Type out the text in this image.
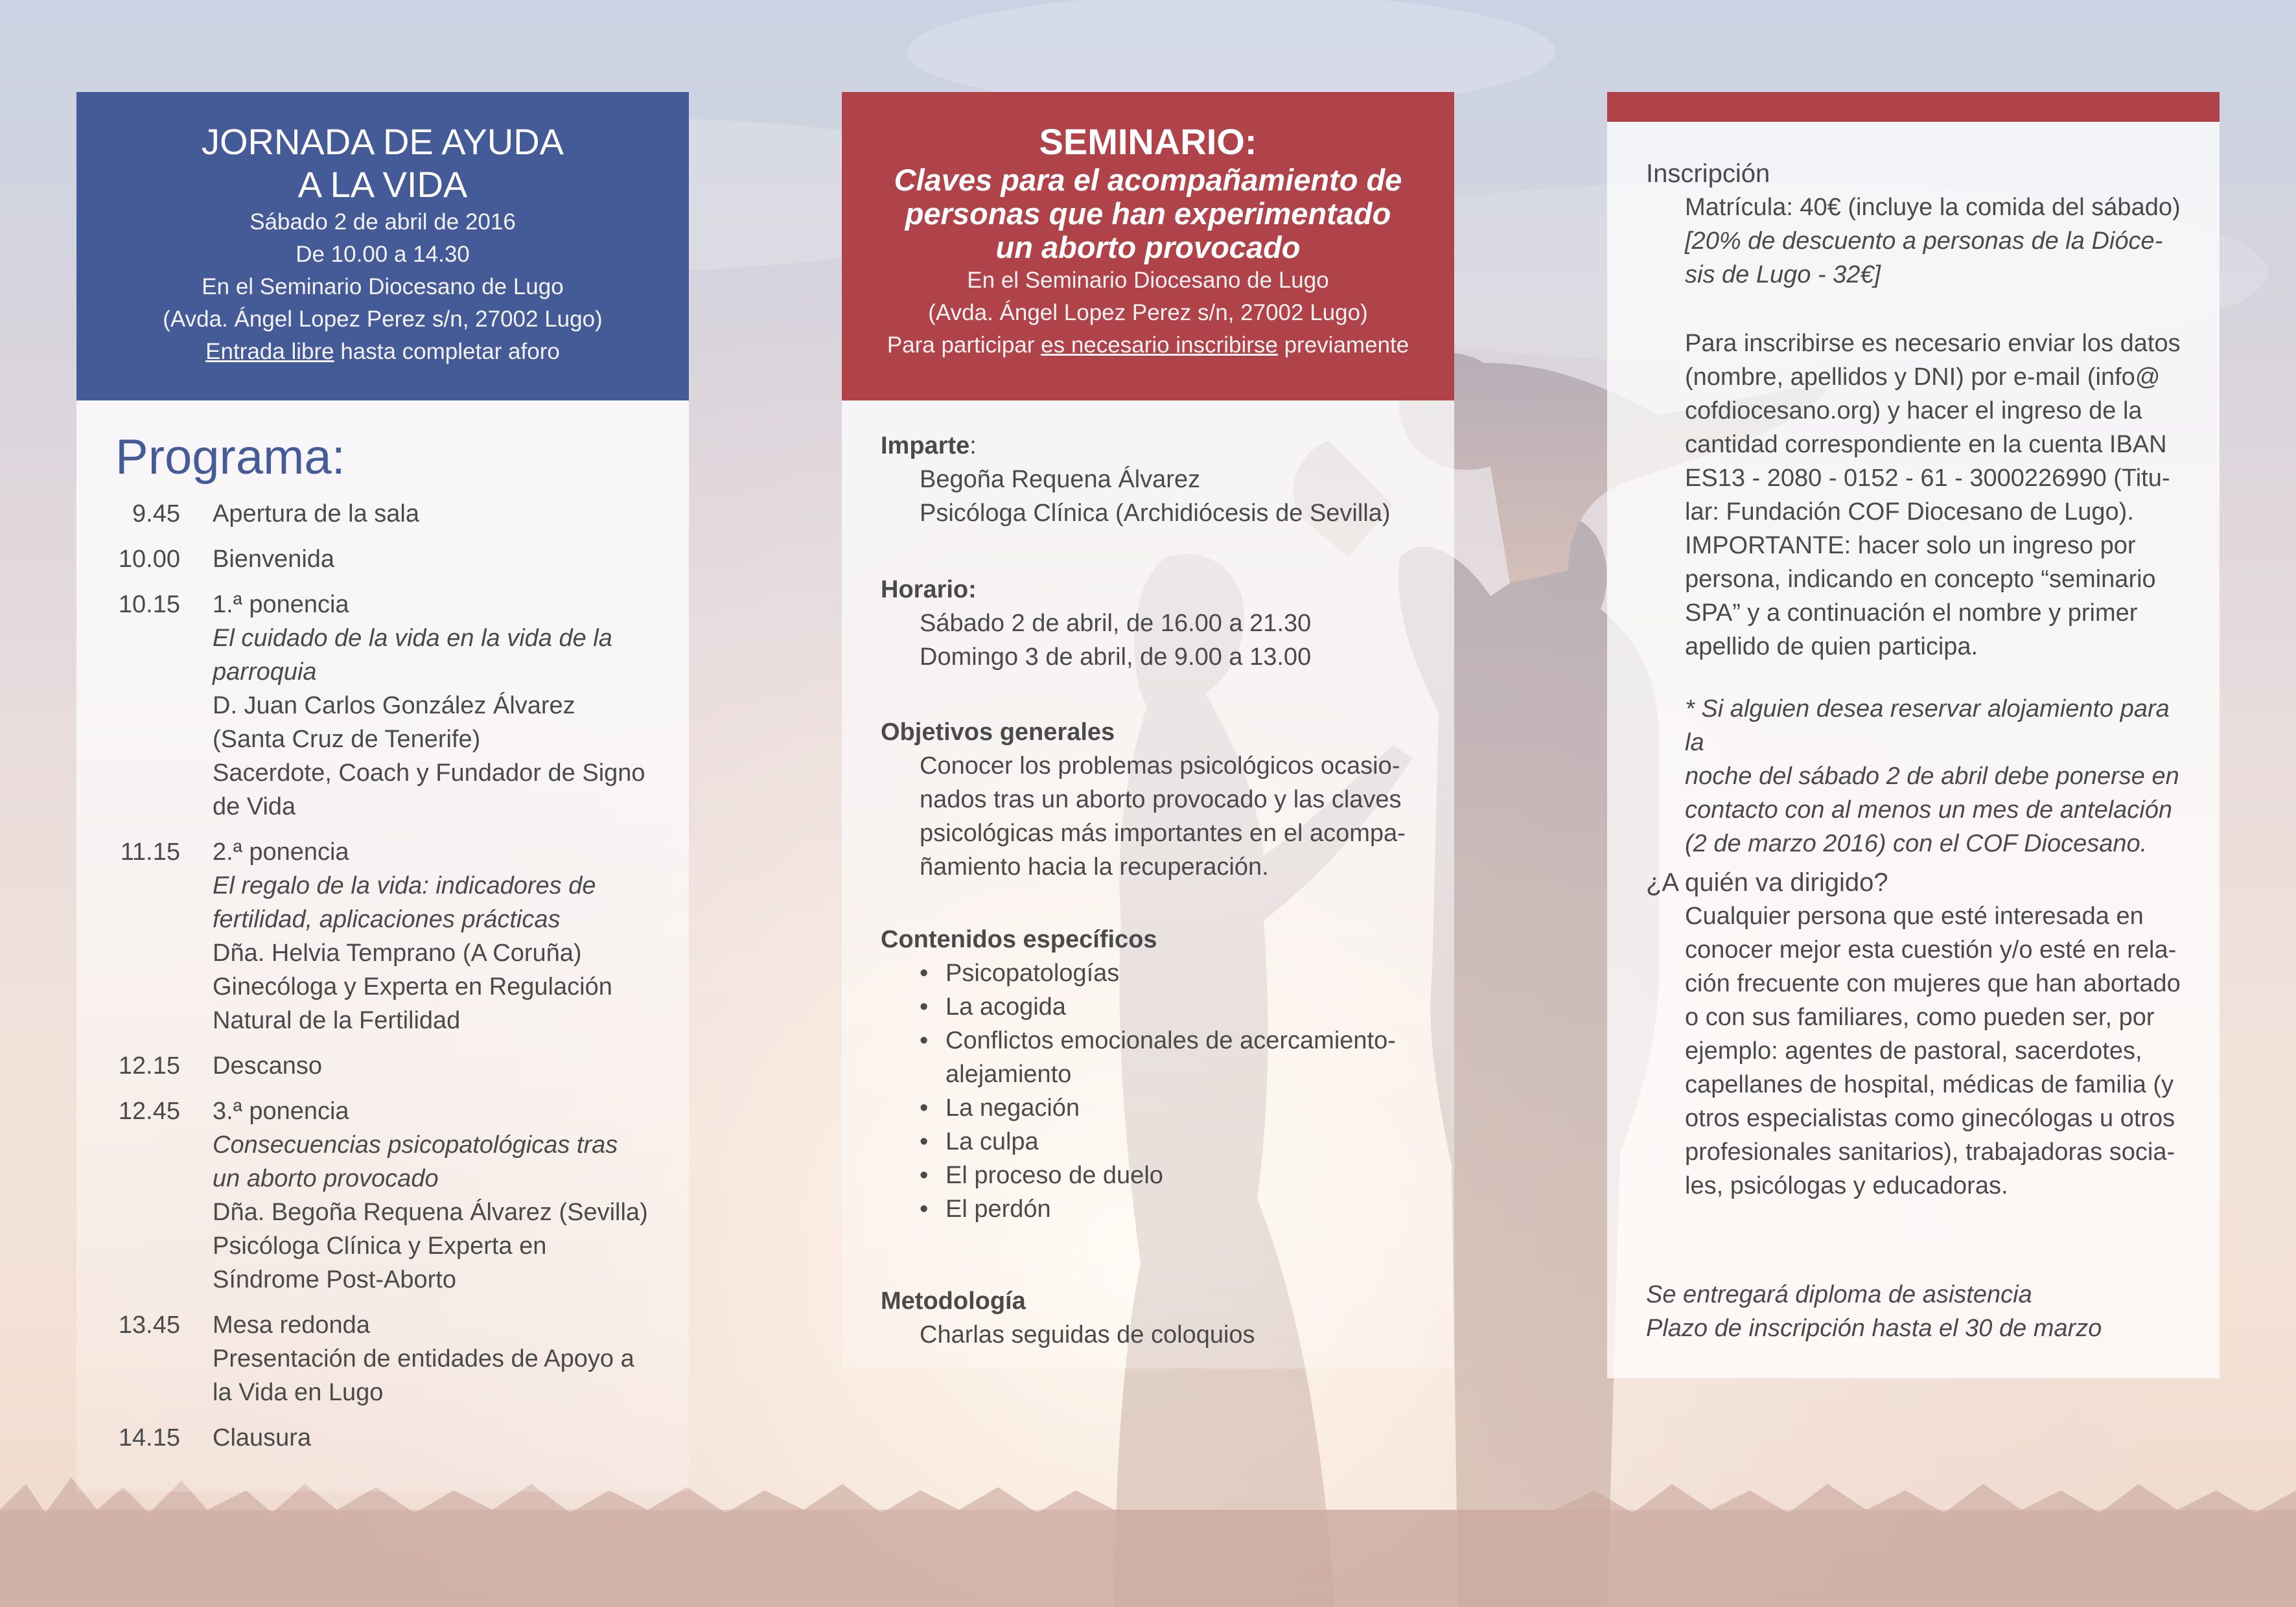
JORNADA DE AYUDA
A LA VIDA
Sábado 2 de abril de 2016
De 10.00 a 14.30
En el Seminario Diocesano de Lugo
(Avda. Ángel Lopez Perez s/n, 27002 Lugo)
Entrada libre hasta completar aforo
Programa:
9.45 Apertura de la sala
10.00 Bienvenida
10.15 1.ª ponencia
El cuidado de la vida en la vida de la
parroquia
D. Juan Carlos González Álvarez
(Santa Cruz de Tenerife)
Sacerdote, Coach y Fundador de Signo
de Vida
11.15 2.ª ponencia
El regalo de la vida: indicadores de
fertilidad, aplicaciones prácticas
Dña. Helvia Temprano (A Coruña)
Ginecóloga y Experta en Regulación
Natural de la Fertilidad
12.15 Descanso
12.45 3.ª ponencia
Consecuencias psicopatológicas tras
un aborto provocado
Dña. Begoña Requena Álvarez (Sevilla)
Psicóloga Clínica y Experta en
Síndrome Post-Aborto
13.45 Mesa redonda
Presentación de entidades de Apoyo a
la Vida en Lugo
14.15 Clausura
SEMINARIO:
Claves para el acompañamiento de
personas que han experimentado
un aborto provocado
En el Seminario Diocesano de Lugo
(Avda. Ángel Lopez Perez s/n, 27002 Lugo)
Para participar es necesario inscribirse previamente
Imparte:
Begoña Requena Álvarez
Psicóloga Clínica (Archidiócesis de Sevilla)
Horario:
Sábado 2 de abril, de 16.00 a 21.30
Domingo 3 de abril, de 9.00 a 13.00
Objetivos generales
Conocer los problemas psicológicos ocasio-
nados tras un aborto provocado y las claves
psicológicas más importantes en el acompa-
ñamiento hacia la recuperación.
Contenidos específicos
• Psicopatologías
• La acogida
• Conflictos emocionales de acercamiento-
alejamiento
• La negación
• La culpa
• El proceso de duelo
• El perdón
Metodología
Charlas seguidas de coloquios
Inscripción
Matrícula: 40€ (incluye la comida del sábado)
[20% de descuento a personas de la Dióce-
sis de Lugo - 32€]
Para inscribirse es necesario enviar los datos
(nombre, apellidos y DNI) por e-mail (info@
cofdiocesano.org) y hacer el ingreso de la
cantidad correspondiente en la cuenta IBAN
ES13 - 2080 - 0152 - 61 - 3000226990 (Titu-
lar: Fundación COF Diocesano de Lugo).
IMPORTANTE: hacer solo un ingreso por
persona, indicando en concepto “seminario
SPA” y a continuación el nombre y primer
apellido de quien participa.
* Si alguien desea reservar alojamiento para la
noche del sábado 2 de abril debe ponerse en
contacto con al menos un mes de antelación
(2 de marzo 2016) con el COF Diocesano.
¿A quién va dirigido?
Cualquier persona que esté interesada en
conocer mejor esta cuestión y/o esté en rela-
ción frecuente con mujeres que han abortado
o con sus familiares, como pueden ser, por
ejemplo: agentes de pastoral, sacerdotes,
capellanes de hospital, médicas de familia (y
otros especialistas como ginecólogas u otros
profesionales sanitarios), trabajadoras socia-
les, psicólogas y educadoras.
Se entregará diploma de asistencia
Plazo de inscripción hasta el 30 de marzo
